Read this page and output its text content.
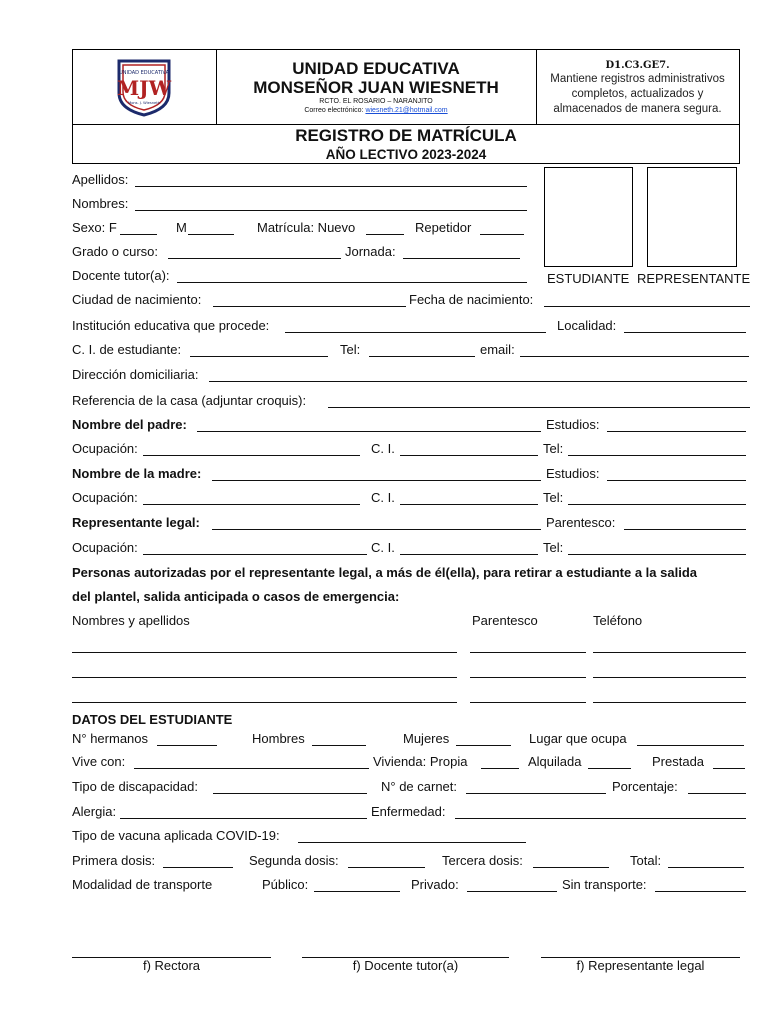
UNIDAD EDUCATIVA
MJW
Mons. J. Wiesneth
UNIDAD EDUCATIVA
MONSEÑOR JUAN WIESNETH
RCTO. EL ROSARIO – NARANJITO
Correo electrónico: wiesneth.21@hotmail.com
D1.C3.GE7.
Mantiene registros administrativos
completos, actualizados y
almacenados de manera segura.
REGISTRO DE MATRÍCULA
AÑO LECTIVO 2023-2024
ESTUDIANTE REPRESENTANTE
Apellidos:
Nombres:
Sexo: F	M	Matrícula: Nuevo	Repetidor
Grado o curso:	Jornada:
Docente tutor(a):
Ciudad de nacimiento:	Fecha de nacimiento:
Institución educativa que procede:	Localidad:
C. I. de estudiante:	Tel:	email:
Dirección domiciliaria:
Referencia de la casa (adjuntar croquis):
Nombre del padre:	Estudios:
Ocupación:	C. I.	Tel:
Nombre de la madre:	Estudios:
Ocupación:	C. I.	Tel:
Representante legal:	Parentesco:
Ocupación:	C. I.	Tel:
Personas autorizadas por el representante legal, a más de él(ella), para retirar a estudiante a la salida
del plantel, salida anticipada o casos de emergencia:
Nombres y apellidos	Parentesco	Teléfono
DATOS DEL ESTUDIANTE
N° hermanos	Hombres	Mujeres	Lugar que ocupa
Vive con:	Vivienda: Propia	Alquilada	Prestada
Tipo de discapacidad:	N° de carnet:	Porcentaje:
Alergia:	Enfermedad:
Tipo de vacuna aplicada COVID-19:
Primera dosis:	Segunda dosis:	Tercera dosis:	Total:
Modalidad de transporte	Público:	Privado:	Sin transporte:
f) Rectora	f) Docente tutor(a)	f) Representante legal
